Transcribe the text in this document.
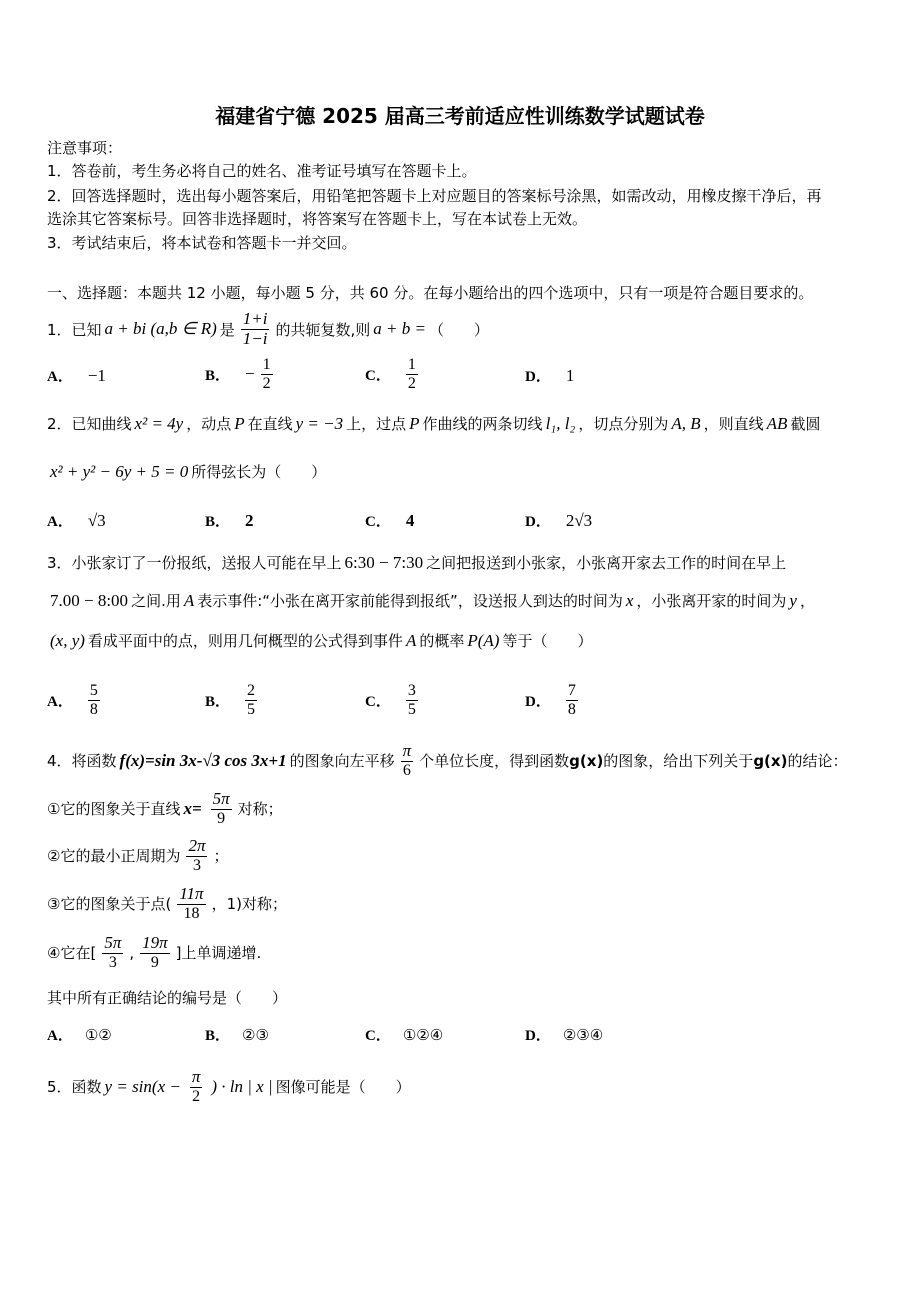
福建省宁德 2025 届高三考前适应性训练数学试题试卷
注意事项：
1．答卷前，考生务必将自己的姓名、准考证号填写在答题卡上。
2．回答选择题时，选出每小题答案后，用铅笔把答题卡上对应题目的答案标号涂黑，如需改动，用橡皮擦干净后，再
选涂其它答案标号。回答非选择题时，将答案写在答题卡上，写在本试卷上无效。
3．考试结束后，将本试卷和答题卡一并交回。
一、选择题：本题共 12 小题，每小题 5 分，共 60 分。在每小题给出的四个选项中，只有一项是符合题目要求的。
1．已知 a + bi (a,b ∈ R) 是 $\frac{1+i}{1-i}$ 的共轭复数,则 a + b = （　　）
A． −1	B． − $\frac{1}{2}$	C． $\frac{1}{2}$	D． 1
2．已知曲线 x² = 4y ，动点 P 在直线 y = −3 上，过点 P 作曲线的两条切线 l₁, l₂ ，切点分别为 A, B ，则直线 AB 截圆
x² + y² − 6y + 5 = 0 所得弦长为（　　）
A． √3	B． 2	C． 4	D． 2√3
3．小张家订了一份报纸，送报人可能在早上 6:30 − 7:30 之间把报送到小张家，小张离开家去工作的时间在早上
7.00 − 8:00 之间.用 A 表示事件:“小张在离开家前能得到报纸”，设送报人到达的时间为 x ，小张离开家的时间为 y ，
(x, y) 看成平面中的点，则用几何概型的公式得到事件 A 的概率 P(A) 等于（　　）
A． $\frac{5}{8}$	B． $\frac{2}{5}$	C． $\frac{3}{5}$	D． $\frac{7}{8}$
4．将函数 f(x)=sin 3x-√3 cos 3x+1 的图象向左平移 $\frac{\pi}{6}$ 个单位长度，得到函数 g(x) 的图象，给出下列关于 g(x) 的结论：
①它的图象关于直线 $x= \frac{5\pi}{9}$ 对称；
②它的最小正周期为 $\frac{2\pi}{3}$ ；
③它的图象关于点( $\frac{11\pi}{18}$ ，1)对称；
④它在[ $\frac{5\pi}{3}$ , $\frac{19\pi}{9}$ ]上单调递增.
其中所有正确结论的编号是（　　）
A． ①②	B． ②③	C． ①②④	D． ②③④
5．函数 $y = \sin(x - \frac{\pi}{2}$ ) · ln | x | 图像可能是（　　）
